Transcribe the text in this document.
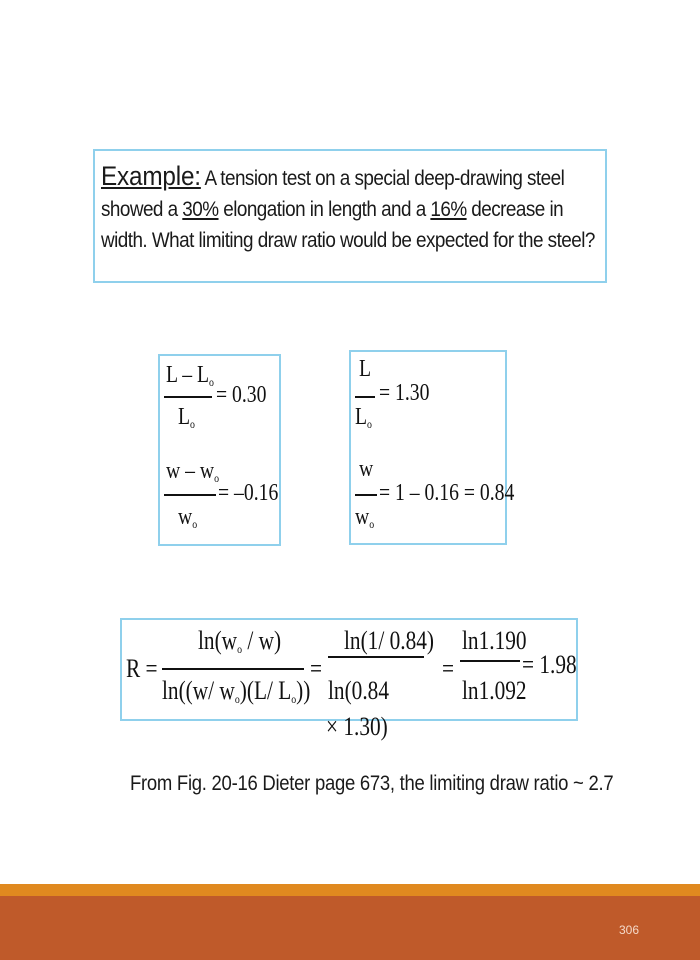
Example: A tension test on a special deep-drawing steel
showed a 30% elongation in length and a 16% decrease in
width. What limiting draw ratio would be expected for the steel?
$L - L_o = 0.30$
$L_o$
w – $w_o$
= –0.16
$w_o$
L
= 1.30
$L_o$
w
= 1 – 0.16 = 0.84
$w_o$
R =
$\ln(w_o / w)$
ln((w/ $w_o)(L/$ $L_o$))
=
ln(1/ 0.84)
ln(0.84
=
ln1.190
ln1.092
= 1.98
× 1.30)
From Fig. 20-16 Dieter page 673, the limiting draw ratio ~ 2.7
306
